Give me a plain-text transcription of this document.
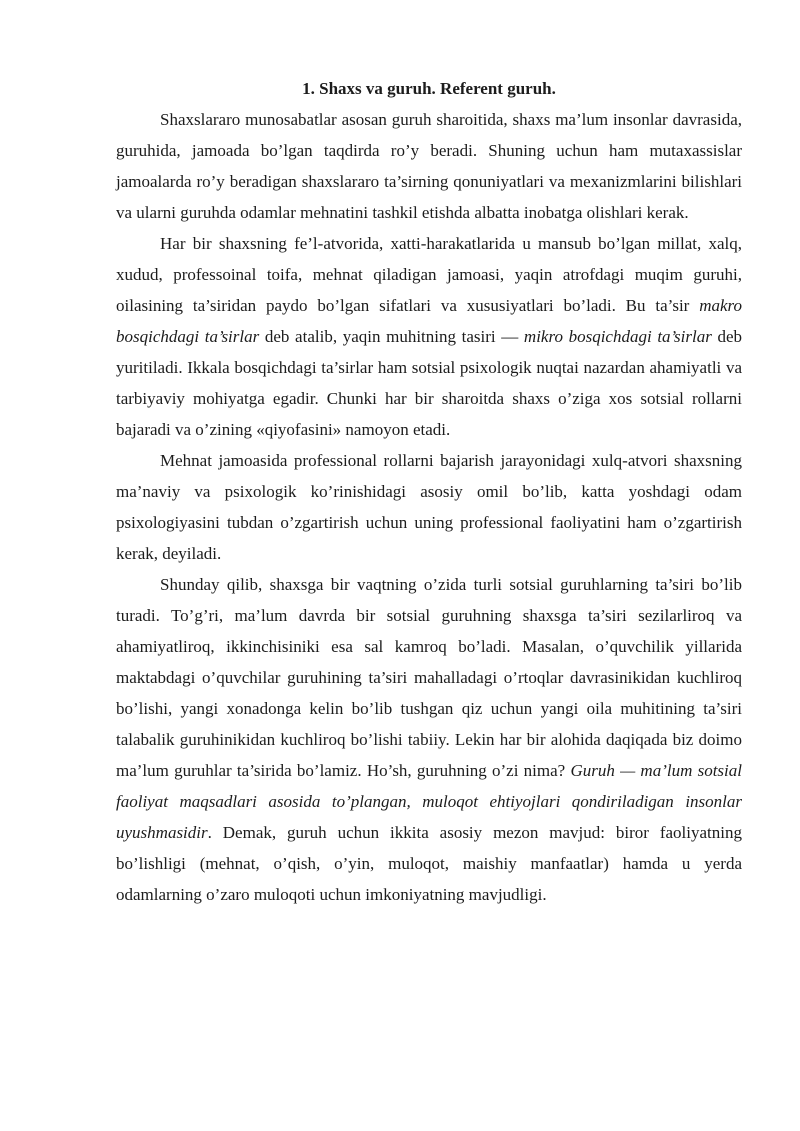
1. Shaxs va guruh. Referent guruh.

Shaxslararo munosabatlar asosan guruh sharoitida, shaxs ma’lum insonlar davrasida, guruhida, jamoada bo’lgan taqdirda ro’y beradi. Shuning uchun ham mutaxassislar jamoalarda ro’y beradigan shaxslararo ta’sirning qonuniyatlari va mexanizmlarini bilishlari va ularni guruhda odamlar mehnatini tashkil etishda albatta inobatga olishlari kerak.

Har bir shaxsning fe’l-atvorida, xatti-harakatlarida u mansub bo’lgan millat, xalq, xudud, professoinal toifa, mehnat qiladigan jamoasi, yaqin atrofdagi muqim guruhi, oilasining ta’siridan paydo bo’lgan sifatlari va xususiyatlari bo’ladi. Bu ta’sir makro bosqichdagi ta’sirlar deb atalib, yaqin muhitning tasiri — mikro bosqichdagi ta’sirlar deb yuritiladi. Ikkala bosqichdagi ta’sirlar ham sotsial psixologik nuqtai nazardan ahamiyatli va tarbiyaviy mohiyatga egadir. Chunki har bir sharoitda shaxs o’ziga xos sotsial rollarni bajaradi va o’zining «qiyofasini» namoyon etadi.

Mehnat jamoasida professional rollarni bajarish jarayonidagi xulq-atvori shaxsning ma’naviy va psixologik ko’rinishidagi asosiy omil bo’lib, katta yoshdagi odam psixologiyasini tubdan o’zgartirish uchun uning professional faoliyatini ham o’zgartirish kerak, deyiladi.

Shunday qilib, shaxsga bir vaqtning o’zida turli sotsial guruhlarning ta’siri bo’lib turadi. To’g’ri, ma’lum davrda bir sotsial guruhning shaxsga ta’siri sezilarliroq va ahamiyatliroq, ikkinchisiniki esa sal kamroq bo’ladi. Masalan, o’quvchilik yillarida maktabdagi o’quvchilar guruhining ta’siri mahalladagi o’rtoqlar davrasinikidan kuchliroq bo’lishi, yangi xonadonga kelin bo’lib tushgan qiz uchun yangi oila muhitining ta’siri talabalik guruhinikidan kuchliroq bo’lishi tabiiy. Lekin har bir alohida daqiqada biz doimo ma’lum guruhlar ta’sirida bo’lamiz. Ho’sh, guruhning o’zi nima? Guruh — ma’lum sotsial faoliyat maqsadlari asosida to’plangan, muloqot ehtiyojlari qondiriladigan insonlar uyushmasidir. Demak, guruh uchun ikkita asosiy mezon mavjud: biror faoliyatning bo’lishligi (mehnat, o’qish, o’yin, muloqot, maishiy manfaatlar) hamda u yerda odamlarning o’zaro muloqoti uchun imkoniyatning mavjudligi.
